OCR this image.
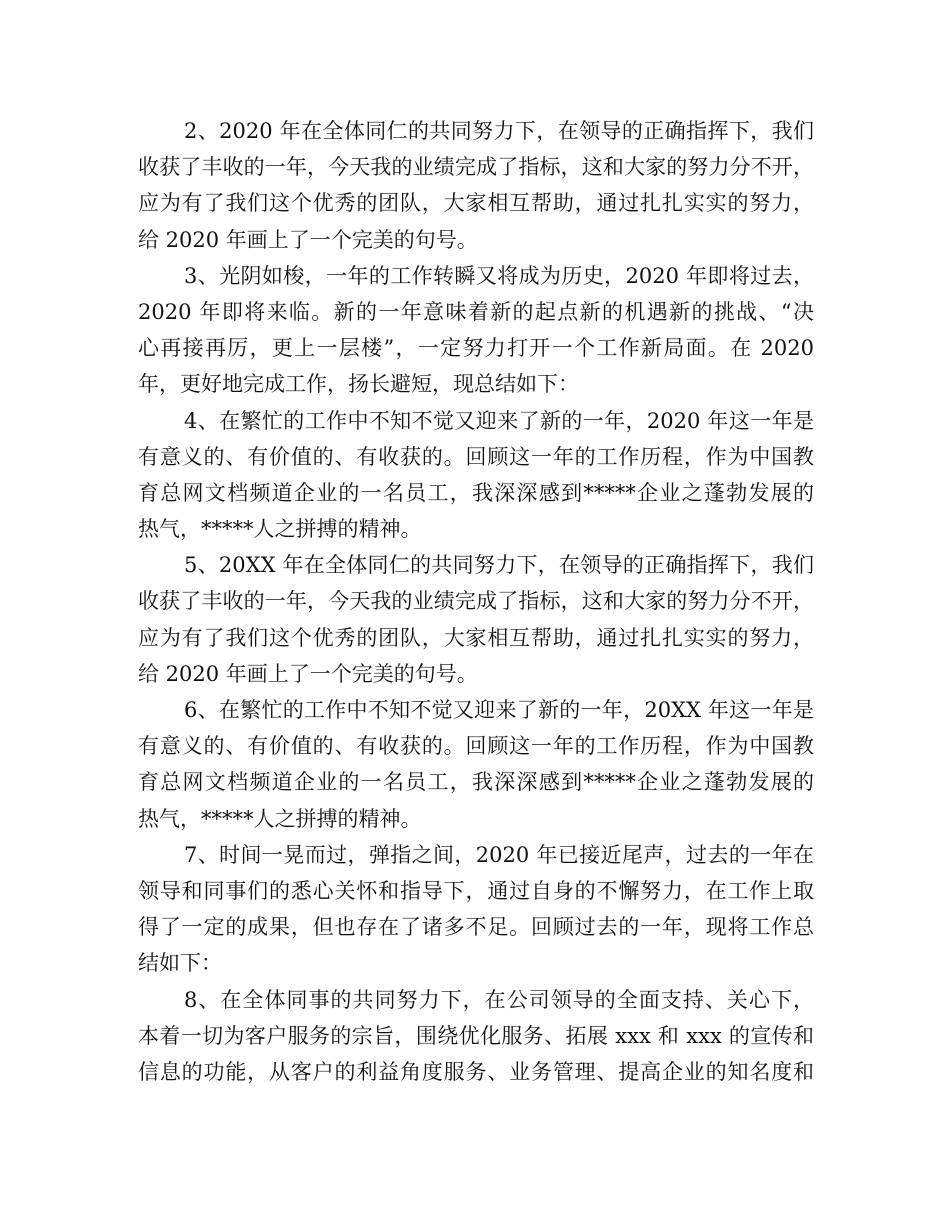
2、2020 年在全体同仁的共同努力下，在领导的正确指挥下，我们
收获了丰收的一年，今天我的业绩完成了指标，这和大家的努力分不开，
应为有了我们这个优秀的团队，大家相互帮助，通过扎扎实实的努力，
给 2020 年画上了一个完美的句号。
3、光阴如梭，一年的工作转瞬又将成为历史，2020 年即将过去，
2020 年即将来临。新的一年意味着新的起点新的机遇新的挑战、“决
心再接再厉，更上一层楼”，一定努力打开一个工作新局面。在 2020
年，更好地完成工作，扬长避短，现总结如下：
4、在繁忙的工作中不知不觉又迎来了新的一年，2020 年这一年是
有意义的、有价值的、有收获的。回顾这一年的工作历程，作为中国教
育总网文档频道企业的一名员工，我深深感到*****企业之蓬勃发展的
热气，*****人之拼搏的精神。
5、20XX 年在全体同仁的共同努力下，在领导的正确指挥下，我们
收获了丰收的一年，今天我的业绩完成了指标，这和大家的努力分不开，
应为有了我们这个优秀的团队，大家相互帮助，通过扎扎实实的努力，
给 2020 年画上了一个完美的句号。
6、在繁忙的工作中不知不觉又迎来了新的一年，20XX 年这一年是
有意义的、有价值的、有收获的。回顾这一年的工作历程，作为中国教
育总网文档频道企业的一名员工，我深深感到*****企业之蓬勃发展的
热气，*****人之拼搏的精神。
7、时间一晃而过，弹指之间，2020 年已接近尾声，过去的一年在
领导和同事们的悉心关怀和指导下，通过自身的不懈努力，在工作上取
得了一定的成果，但也存在了诸多不足。回顾过去的一年，现将工作总
结如下：
8、在全体同事的共同努力下，在公司领导的全面支持、关心下，
本着一切为客户服务的宗旨，围绕优化服务、拓展 xxx 和 xxx 的宣传和
信息的功能，从客户的利益角度服务、业务管理、提高企业的知名度和
